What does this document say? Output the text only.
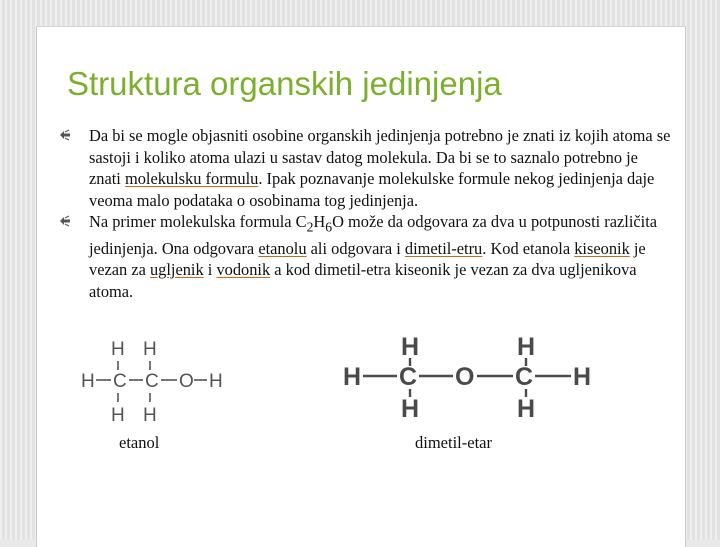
Struktura organskih jedinjenja
Da bi se mogle objasniti osobine organskih jedinjenja potrebno je znati iz kojih atoma se sastoji i koliko atoma ulazi u sastav datog molekula. Da bi se to saznalo potrebno je znati molekulsku formulu. Ipak poznavanje molekulske formule nekog jedinjenja daje veoma malo podataka o osobinama tog jedinjenja.
Na primer molekulska formula $C_2H_6O$ može da odgovara za dva u potpunosti različita jedinjenja. Ona odgovara etanolu ali odgovara i dimetil-etru. Kod etanola kiseonik je vezan za ugljenik i vodonik a kod dimetil-etra kiseonik je vezan za dva ugljenikova atoma.
H H
H C C O H
H H
etanol
H	H
H C O C H
H	H
dimetil-etar
